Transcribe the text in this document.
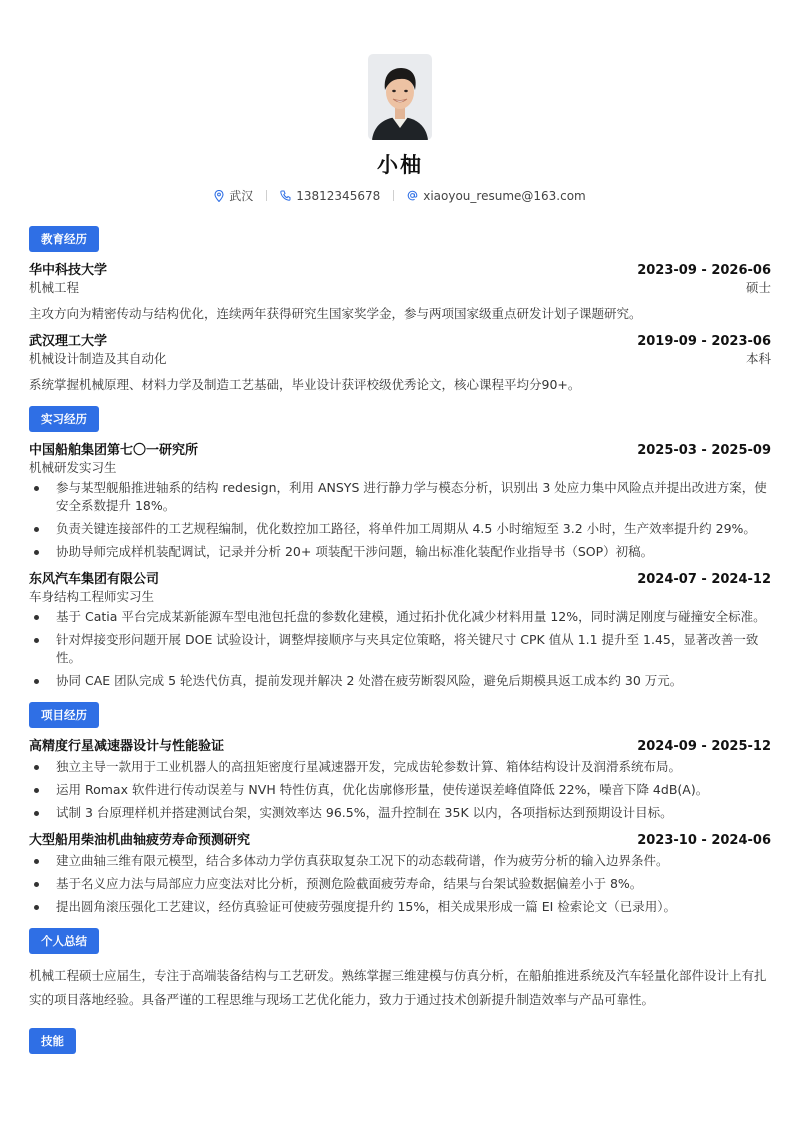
小柚
武汉	13812345678	xiaoyou_resume@163.com
教育经历
华中科技大学	2023-09 - 2026-06
机械工程	硕士
主攻方向为精密传动与结构优化，连续两年获得研究生国家奖学金，参与两项国家级重点研发计划子课题研究。
武汉理工大学	2019-09 - 2023-06
机械设计制造及其自动化	本科
系统掌握机械原理、材料力学及制造工艺基础，毕业设计获评校级优秀论文，核心课程平均分90+。
实习经历
中国船舶集团第七〇一研究所	2025-03 - 2025-09
机械研发实习生
参与某型舰船推进轴系的结构 redesign，利用 ANSYS 进行静力学与模态分析，识别出 3 处应力集中风险点并提出改进方案，使安全系数提升 18%。
负责关键连接部件的工艺规程编制，优化数控加工路径，将单件加工周期从 4.5 小时缩短至 3.2 小时，生产效率提升约 29%。
协助导师完成样机装配调试，记录并分析 20+ 项装配干涉问题，输出标准化装配作业指导书（SOP）初稿。
东风汽车集团有限公司	2024-07 - 2024-12
车身结构工程师实习生
基于 Catia 平台完成某新能源车型电池包托盘的参数化建模，通过拓扑优化减少材料用量 12%，同时满足刚度与碰撞安全标准。
针对焊接变形问题开展 DOE 试验设计，调整焊接顺序与夹具定位策略，将关键尺寸 CPK 值从 1.1 提升至 1.45，显著改善一致性。
协同 CAE 团队完成 5 轮迭代仿真，提前发现并解决 2 处潜在疲劳断裂风险，避免后期模具返工成本约 30 万元。
项目经历
高精度行星减速器设计与性能验证	2024-09 - 2025-12
独立主导一款用于工业机器人的高扭矩密度行星减速器开发，完成齿轮参数计算、箱体结构设计及润滑系统布局。
运用 Romax 软件进行传动误差与 NVH 特性仿真，优化齿廓修形量，使传递误差峰值降低 22%，噪音下降 4dB(A)。
试制 3 台原理样机并搭建测试台架，实测效率达 96.5%，温升控制在 35K 以内，各项指标达到预期设计目标。
大型船用柴油机曲轴疲劳寿命预测研究	2023-10 - 2024-06
建立曲轴三维有限元模型，结合多体动力学仿真获取复杂工况下的动态载荷谱，作为疲劳分析的输入边界条件。
基于名义应力法与局部应力应变法对比分析，预测危险截面疲劳寿命，结果与台架试验数据偏差小于 8%。
提出圆角滚压强化工艺建议，经仿真验证可使疲劳强度提升约 15%，相关成果形成一篇 EI 检索论文（已录用）。
个人总结
机械工程硕士应届生，专注于高端装备结构与工艺研发。熟练掌握三维建模与仿真分析，在船舶推进系统及汽车轻量化部件设计上有扎实的项目落地经验。具备严谨的工程思维与现场工艺优化能力，致力于通过技术创新提升制造效率与产品可靠性。
技能
